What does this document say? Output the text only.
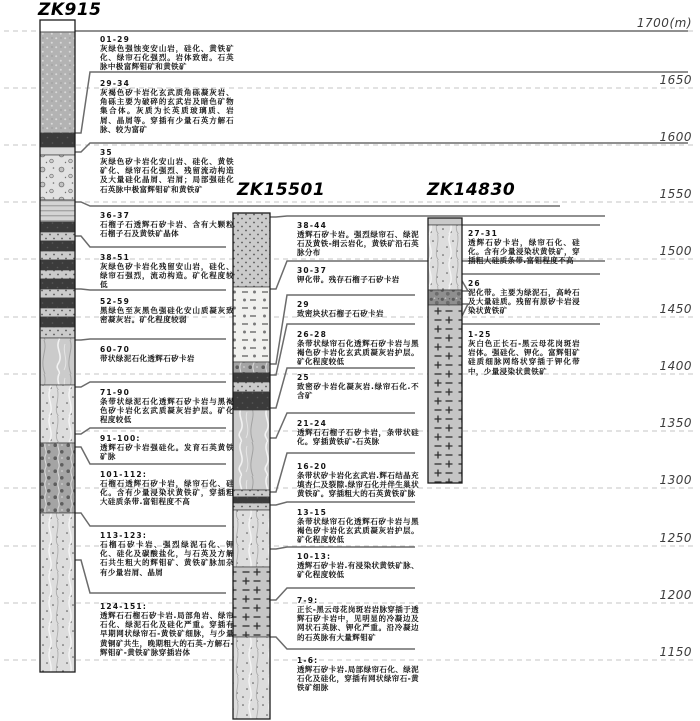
1700(m)
1650
1600
1550
1500
1450
1400
1350
1300
1250
1200
1150
ZK915
01-29
灰绿色强蚀变安山岩，硅化、黄铁矿化、绿帘石化强烈。岩体致密。石英脉中极富辉钼矿和黄铁矿
29-34
灰褐色矽卡岩化玄武质角砾凝灰岩、角砾主要为破碎的玄武岩及暗色矿物集合体。灰质为长英质玻璃质、岩屑、晶屑等。穿插有少量石英方解石脉、较为富矿
35
灰绿色矽卡岩化安山岩、硅化、黄铁矿化、绿帘石化强烈、残留流动构造及大量硅化晶屑、岩屑；局部强硅化石英脉中极富辉钼矿和黄铁矿
36-37
石榴子石透辉石矽卡岩、含有大颗粒石榴子石及黄铁矿晶体
38-51
灰绿色矽卡岩化残留安山岩，硅化、绿帘石强烈，流动构造。矿化程度较低
52-59
黑绿色至灰黑色强硅化安山质凝灰致密凝灰岩。矿化程度较弱
60-70
带状绿泥石化透辉石矽卡岩
71-90
条带状绿泥石化透辉石矽卡岩与黑褐色矽卡岩化玄武质凝灰岩护层。矿化程度较低
91-100:
透辉石矽卡岩强硅化。发育石英黄铁矿脉
101-112:
石榴石透辉石矽卡岩，绿帘石化、硅化。含有少量浸染状黄铁矿，穿插粗大硅质条带.富钼程度不高
113-123:
石榴石矽卡岩、强烈绿泥石化、钾化、硅化及碳酸盐化，与石英及方解石共生粗大的辉钼矿、黄铁矿脉加杂有少量岩屑、晶屑
124-151:
透辉石石榴石矽卡岩.局部角岩、绿帘石化、绿泥石化及硅化严重。穿插有早期网状绿帘石-黄铁矿细脉，与少量黄铜矿共生，晚期粗大的石英-方解石-辉钼矿-黄铁矿脉穿插岩体
ZK15501
38-44
透辉石矽卡岩。强烈绿帘石、绿泥石及黄铁-绢云岩化，黄铁矿沿石英脉分布
30-37
钾化带。残存石榴子石矽卡岩
29
致密块状石榴子石矽卡岩
26-28
条带状绿帘石化透辉石矽卡岩与黑褐色矽卡岩化玄武质凝灰岩护层。矿化程度较低
25
致密矽卡岩化凝灰岩.绿帘石化.不含矿
21-24
透辉石石榴子石矽卡岩，条带状硅化。穿插黄铁矿-石英脉
16-20
条带状矽卡岩化玄武岩.辉石结晶充填杏仁及裂隙.绿帘石化并伴生巢状黄铁矿。穿插粗大的石英黄铁矿脉
13-15
条带状绿帘石化透辉石矽卡岩与黑褐色矽卡岩化玄武质凝灰岩护层。矿化程度较低
10-13:
透辉石矽卡岩.有浸染状黄铁矿脉、矿化程度较低
7-9:
正长-黑云母花岗斑岩岩脉穿插于透辉石矽卡岩中，见明显的冷凝边及网状石英脉、钾化严重。沿冷凝边的石英脉有大量辉钼矿
1-6:
透辉石矽卡岩.局部绿帘石化、绿泥石化及硅化，穿插有网状绿帘石-黄铁矿细脉
ZK14830
27-31
透辉石矽卡岩，绿帘石化、硅化。含有少量浸染状黄铁矿，穿插粗大硅质条带.富钼程度不高
26
泥化带。主要为绿泥石，高岭石及大量硅质。残留有原矽卡岩浸染状黄铁矿
1-25
灰白色正长石-黑云母花岗斑岩岩体。强硅化、钾化。富辉钼矿硅质细脉网络状穿插于钾化带中，少量浸染状黄铁矿
